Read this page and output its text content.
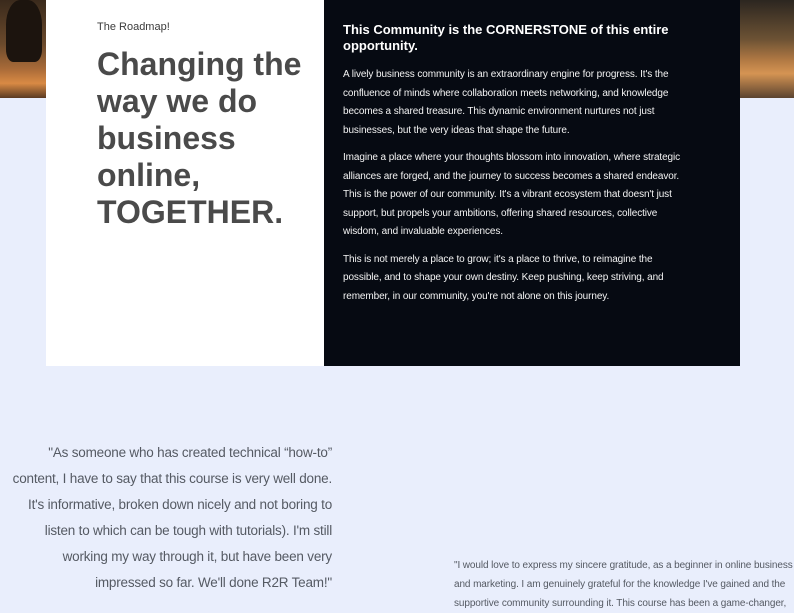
The Roadmap!
Changing the way we do business online, TOGETHER.
This Community is the CORNERSTONE of this entire opportunity.

A lively business community is an extraordinary engine for progress. It's the confluence of minds where collaboration meets networking, and knowledge becomes a shared treasure. This dynamic environment nurtures not just businesses, but the very ideas that shape the future.

Imagine a place where your thoughts blossom into innovation, where strategic alliances are forged, and the journey to success becomes a shared endeavor. This is the power of our community. It's a vibrant ecosystem that doesn't just support, but propels your ambitions, offering shared resources, collective wisdom, and invaluable experiences.

This is not merely a place to grow; it's a place to thrive, to reimagine the possible, and to shape your own destiny. Keep pushing, keep striving, and remember, in our community, you're not alone on this journey.

"As someone who has created technical “how-to” content, I have to say that this course is very well done. It's informative, broken down nicely and not boring to listen to which can be tough with tutorials). I'm still working my way through it, but have been very impressed so far. We'll done R2R Team!"
"I would love to express my sincere gratitude, as a beginner in online business and marketing. I am genuinely grateful for the knowledge I've gained and the supportive community surrounding it. This course has been a game-changer,
